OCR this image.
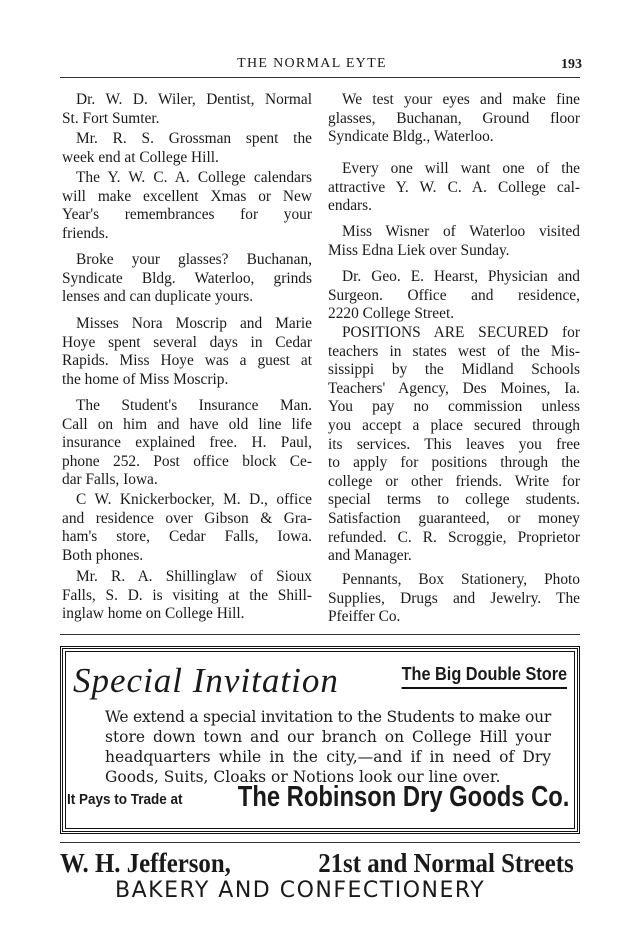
THE NORMAL EYTE	193
Dr. W. D. Wiler, Dentist, Normal
St. Fort Sumter.
Mr. R. S. Grossman spent the
week end at College Hill.
The Y. W. C. A. College calendars
will make excellent Xmas or New
Year's remembrances for your
friends.
Broke your glasses? Buchanan,
Syndicate Bldg. Waterloo, grinds
lenses and can duplicate yours.
Misses Nora Moscrip and Marie
Hoye spent several days in Cedar
Rapids. Miss Hoye was a guest at
the home of Miss Moscrip.
The Student's Insurance Man.
Call on him and have old line life
insurance explained free. H. Paul,
phone 252. Post office block Ce-
dar Falls, Iowa.
C W. Knickerbocker, M. D., office
and residence over Gibson & Gra-
ham's store, Cedar Falls, Iowa.
Both phones.
Mr. R. A. Shillinglaw of Sioux
Falls, S. D. is visiting at the Shill-
inglaw home on College Hill.
We test your eyes and make fine
glasses, Buchanan, Ground floor
Syndicate Bldg., Waterloo.
Every one will want one of the
attractive Y. W. C. A. College cal-
endars.
Miss Wisner of Waterloo visited
Miss Edna Liek over Sunday.
Dr. Geo. E. Hearst, Physician and
Surgeon. Office and residence,
2220 College Street.
POSITIONS ARE SECURED for
teachers in states west of the Mis-
sissippi by the Midland Schools
Teachers' Agency, Des Moines, Ia.
You pay no commission unless
you accept a place secured through
its services. This leaves you free
to apply for positions through the
college or other friends. Write for
special terms to college students.
Satisfaction guaranteed, or money
refunded. C. R. Scroggie, Proprietor
and Manager.
Pennants, Box Stationery, Photo
Supplies, Drugs and Jewelry. The
Pfeiffer Co.
Special Invitation	The Big Double Store
We extend a special invitation to the Students to make our
store down town and our branch on College Hill your
headquarters while in the city,—and if in need of Dry
Goods, Suits, Cloaks or Notions look our line over.
It Pays to Trade at The Robinson Dry Goods Co.
W. H. Jefferson,	21st and Normal Streets
BAKERY AND CONFECTIONERY
